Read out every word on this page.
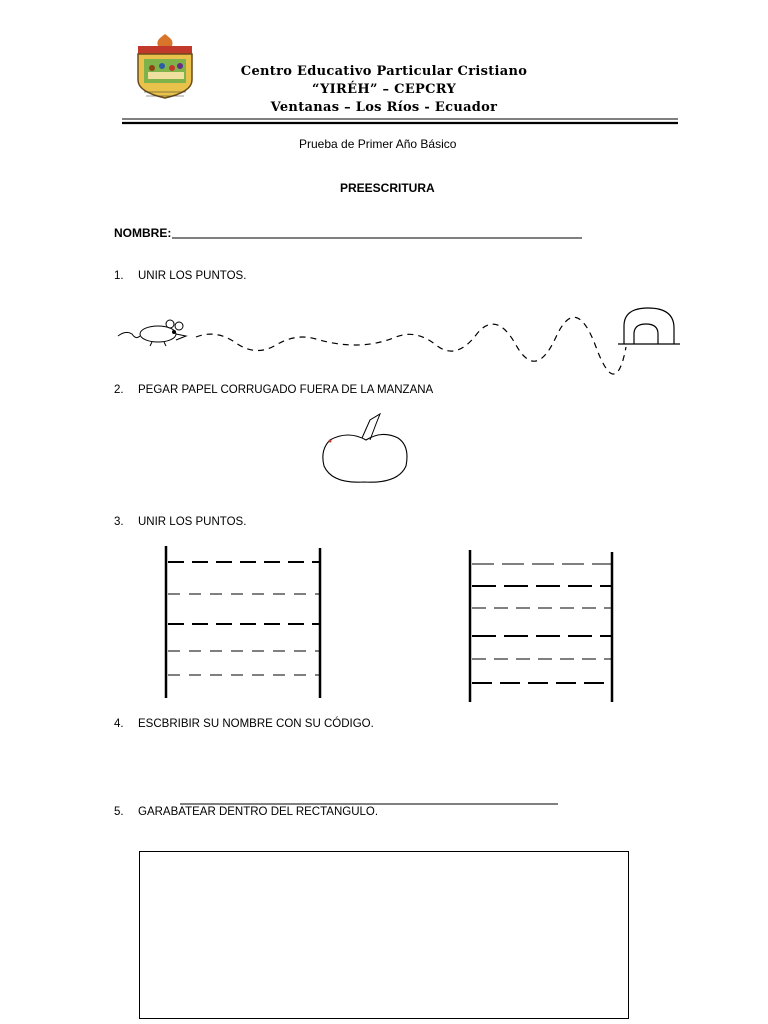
Centro Educativo Particular Cristiano
“YIRÉH” – CEPCRY
Ventanas – Los Ríos - Ecuador
Prueba de Primer Año Básico
PREESCRITURA
NOMBRE:
1. UNIR LOS PUNTOS.
2. PEGAR PAPEL CORRUGADO FUERA DE LA MANZANA
3. UNIR LOS PUNTOS.
4. ESCBRIBIR SU NOMBRE CON SU CÓDIGO.
5. GARABATEAR DENTRO DEL RECTANGULO.
